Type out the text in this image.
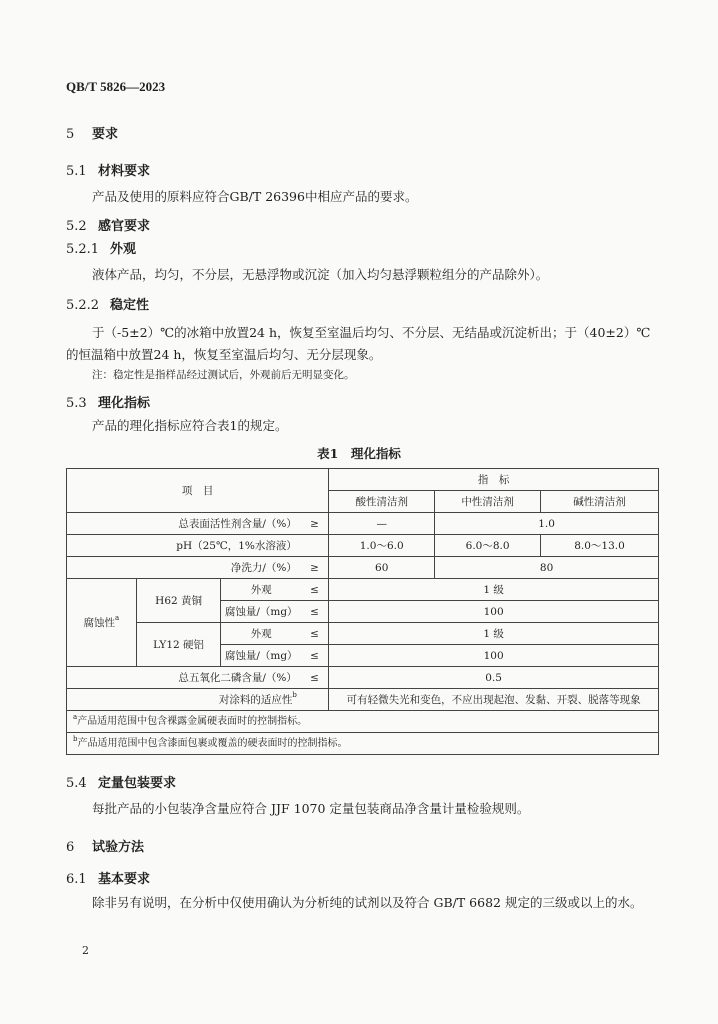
QB/T 5826—2023
5 要求
5.1 材料要求
产品及使用的原料应符合GB/T 26396中相应产品的要求。
5.2 感官要求
5.2.1 外观
液体产品，均匀，不分层，无悬浮物或沉淀（加入均匀悬浮颗粒组分的产品除外）。
5.2.2 稳定性
于（-5±2）℃的冰箱中放置24 h，恢复至室温后均匀、不分层、无结晶或沉淀析出；于（40±2）℃
的恒温箱中放置24 h，恢复至室温后均匀、无分层现象。
注：稳定性是指样品经过测试后，外观前后无明显变化。
5.3 理化指标
产品的理化指标应符合表1的规定。
表1　理化指标
项　目				指　标		
				酸性清洁剂	中性清洁剂	碱性清洁剂
总表面活性剂含量/（%）			≥	—	1.0	
pH（25℃，1%水溶液）				1.0～6.0	6.0～8.0	8.0～13.0
净洗力/（%）			≥	60	80	
腐蚀性$^a$	H62 黄铜	外观	≤	1 级		
		腐蚀量/（mg）	≤	100		
	LY12 硬铝	外观	≤	1 级		
		腐蚀量/（mg）	≤	100		
总五氧化二磷含量/（%）			≤	0.5		
对涂料的适应性$^b$				可有轻微失光和变色，不应出现起泡、发黏、开裂、脱落等现象		
$^a$产品适用范围中包含裸露金属硬表面时的控制指标。						
$^b$产品适用范围中包含漆面包裹或覆盖的硬表面时的控制指标。						
5.4 定量包装要求
每批产品的小包装净含量应符合 JJF 1070 定量包装商品净含量计量检验规则。
6 试验方法
6.1 基本要求
除非另有说明，在分析中仅使用确认为分析纯的试剂以及符合 GB/T 6682 规定的三级或以上的水。
2
